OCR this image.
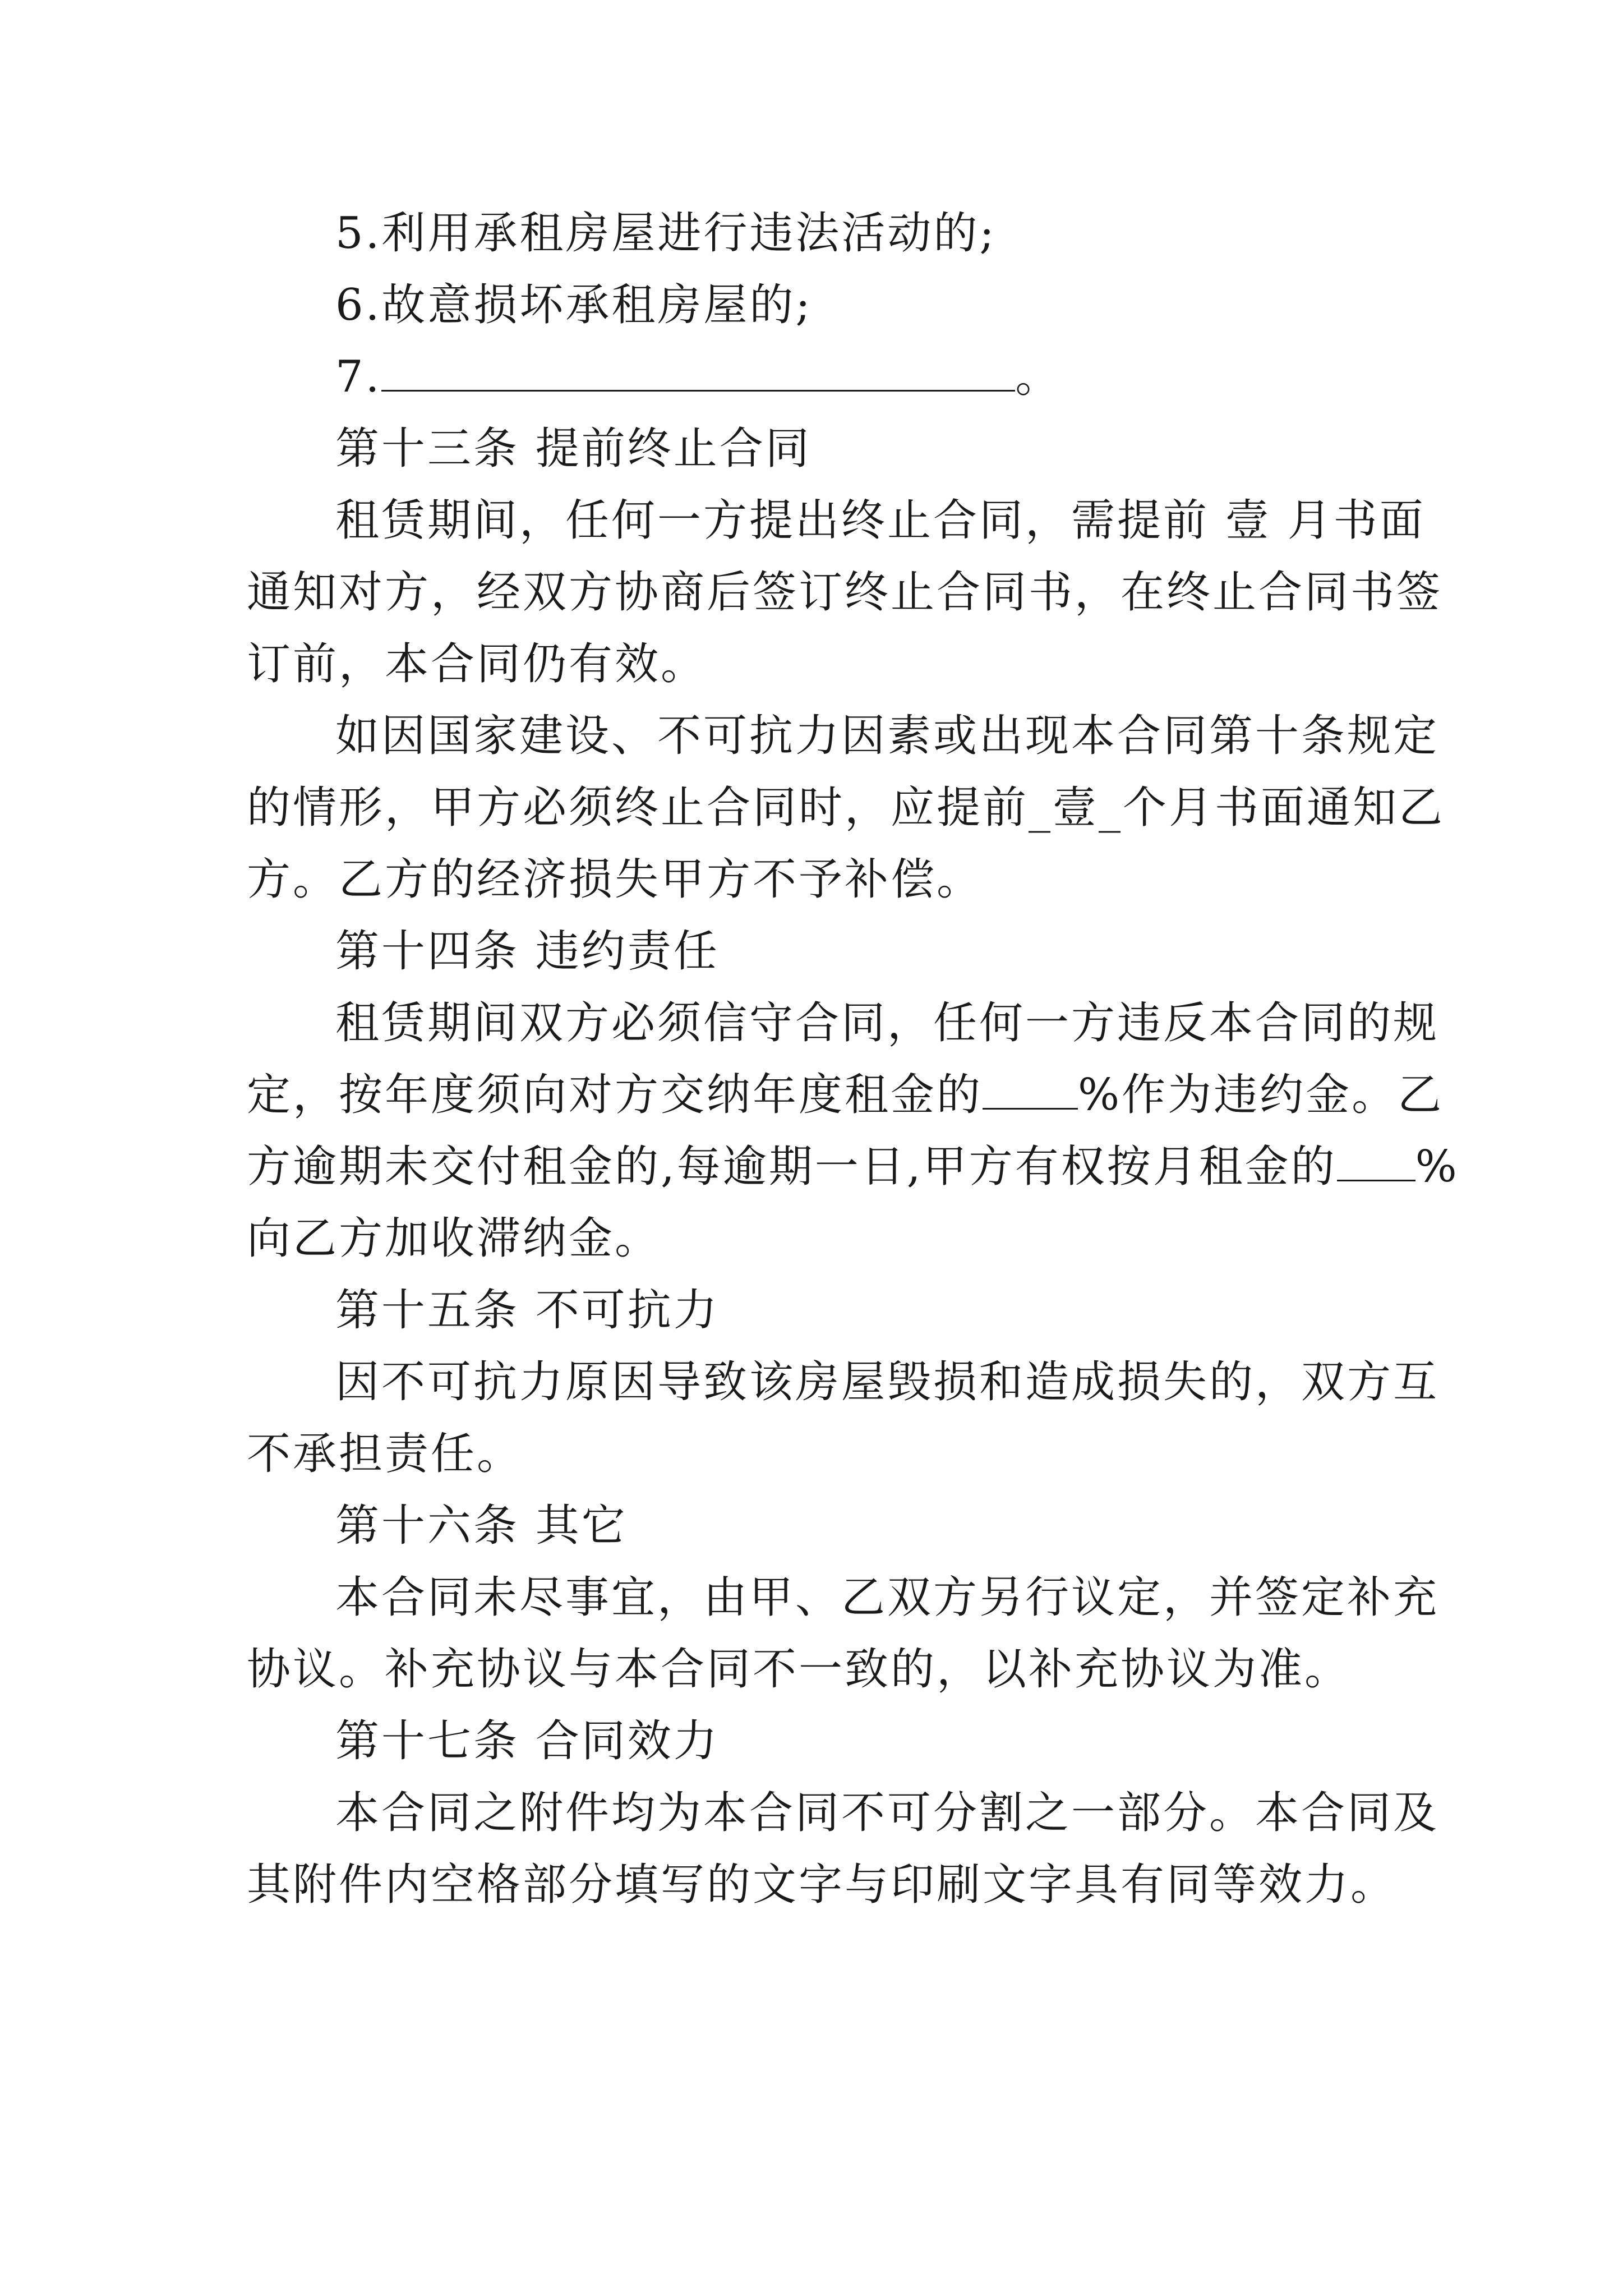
5.利用承租房屋进行违法活动的;
6.故意损坏承租房屋的;
7.	。
第十三条 提前终止合同
租赁期间，任何一方提出终止合同，需提前 壹 月书面
通知对方，经双方协商后签订终止合同书，在终止合同书签
订前，本合同仍有效。
如因国家建设、不可抗力因素或出现本合同第十条规定
的情形，甲方必须终止合同时，应提前_壹_个月书面通知乙
方。乙方的经济损失甲方不予补偿。
第十四条 违约责任
租赁期间双方必须信守合同，任何一方违反本合同的规
定，按年度须向对方交纳年度租金的 %作为违约金。乙
方逾期未交付租金的,每逾期一日,甲方有权按月租金的 %
向乙方加收滞纳金。
第十五条 不可抗力
因不可抗力原因导致该房屋毁损和造成损失的，双方互
不承担责任。
第十六条 其它
本合同未尽事宜，由甲、乙双方另行议定，并签定补充
协议。补充协议与本合同不一致的，以补充协议为准。
第十七条 合同效力
本合同之附件均为本合同不可分割之一部分。本合同及
其附件内空格部分填写的文字与印刷文字具有同等效力。
